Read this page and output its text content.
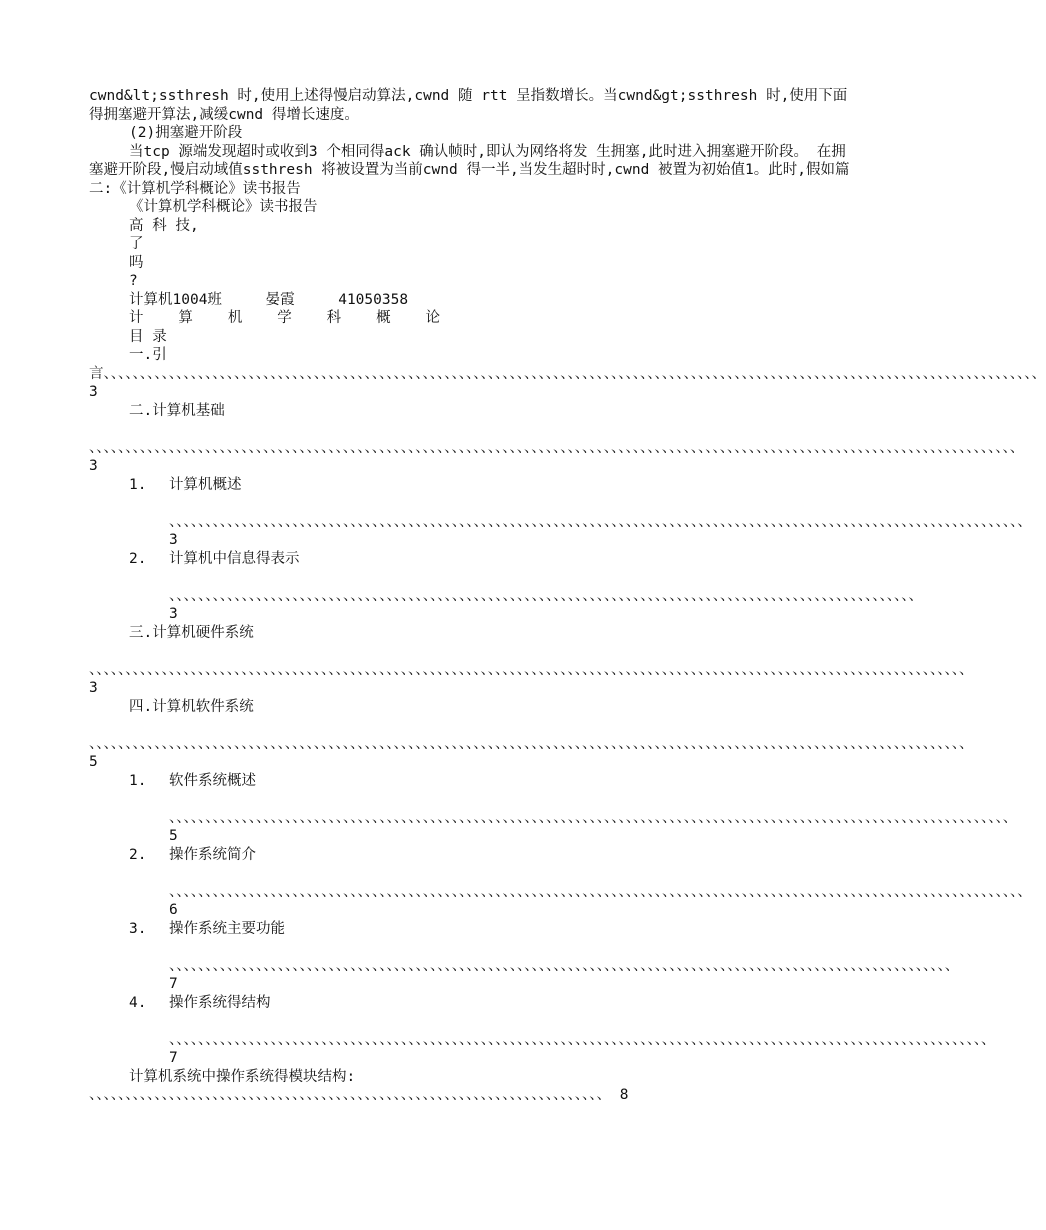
cwnd&lt;ssthresh 时,使用上述得慢启动算法,cwnd 随 rtt 呈指数增长。当cwnd&gt;ssthresh 时,使用下面得拥塞避开算法,减缓cwnd 得增长速度。
(2)拥塞避开阶段
当tcp 源端发现超时或收到3 个相同得ack 确认帧时,即认为网络将发 生拥塞,此时进入拥塞避开阶段。 在拥塞避开阶段,慢启动域值ssthresh 将被设置为当前cwnd 得一半,当发生超时时,cwnd 被置为初始值1。此时,假如篇二:《计算机学科概论》读书报告
《计算机学科概论》读书报告
高 科 技,
了
吗
?
计算机1004班     晏霞     41050358
计    算    机    学    科    概    论
目 录
一.引
言、、、、、、、、、、、、、、、、、、、、、、、、、、、、、、、、、、、、、、、、、、、、、、、、、、、、、、、、、、、、、、、、、、、、、、、、、、、、、、、、、、、、、、、、、、、、、、、、、、、、、、、、、、、、、、、、、、、、、、、、、、、、、、、、、 3
二.计算机基础
、、、、、、、、、、、、、、、、、、、、、、、、、、、、、、、、、、、、、、、、、、、、、、、、、、、、、、、、、、、、、、、、、、、、、、、、、、、、、、、、、、、、、、、、、、、、、、、、、、、、、、、、、、、、、、、、、、、、、、、、、、、、、、、、 3
1. 计算机概述
、、、、、、、、、、、、、、、、、、、、、、、、、、、、、、、、、、、、、、、、、、、、、、、、、、、、、、、、、、、、、、、、、、、、、、、、、、、、、、、、、、、、、、、、、、、、、、、、、、、、、、、、、、、、、、、、、、、、、、 3
2. 计算机中信息得表示
、、、、、、、、、、、、、、、、、、、、、、、、、、、、、、、、、、、、、、、、、、、、、、、、、、、、、、、、、、、、、、、、、、、、、、、、、、、、、、、、、、、、、、、、、、、、、、、、、、、、、、、 3
三.计算机硬件系统
、、、、、、、、、、、、、、、、、、、、、、、、、、、、、、、、、、、、、、、、、、、、、、、、、、、、、、、、、、、、、、、、、、、、、、、、、、、、、、、、、、、、、、、、、、、、、、、、、、、、、、、、、、、、、、、、、、、、、、、、、 3
四.计算机软件系统
、、、、、、、、、、、、、、、、、、、、、、、、、、、、、、、、、、、、、、、、、、、、、、、、、、、、、、、、、、、、、、、、、、、、、、、、、、、、、、、、、、、、、、、、、、、、、、、、、、、、、、、、、、、、、、、、、、、、、、、、、 5
1. 软件系统概述
、、、、、、、、、、、、、、、、、、、、、、、、、、、、、、、、、、、、、、、、、、、、、、、、、、、、、、、、、、、、、、、、、、、、、、、、、、、、、、、、、、、、、、、、、、、、、、、、、、、、、、、、、、、、、、、、、、、、 5
2. 操作系统简介
、、、、、、、、、、、、、、、、、、、、、、、、、、、、、、、、、、、、、、、、、、、、、、、、、、、、、、、、、、、、、、、、、、、、、、、、、、、、、、、、、、、、、、、、、、、、、、、、、、、、、、、、、、、、、、、、、、、、、、 6
3. 操作系统主要功能
、、、、、、、、、、、、、、、、、、、、、、、、、、、、、、、、、、、、、、、、、、、、、、、、、、、、、、、、、、、、、、、、、、、、、、、、、、、、、、、、、、、、、、、、、、、、、、、、、、、、、、、、、、、、 7
4. 操作系统得结构
、、、、、、、、、、、、、、、、、、、、、、、、、、、、、、、、、、、、、、、、、、、、、、、、、、、、、、、、、、、、、、、、、、、、、、、、、、、、、、、、、、、、、、、、、、、、、、、、、、、、、、、、、、、、、、、、、 7
计算机系统中操作系统得模块结构:
、、、、、、、、、、、、、、、、、、、、、、、、、、、、、、、、、、、、、、、、、、、、、、、、、、、、、、、、、、、、、、、、、、、、、、、 8
